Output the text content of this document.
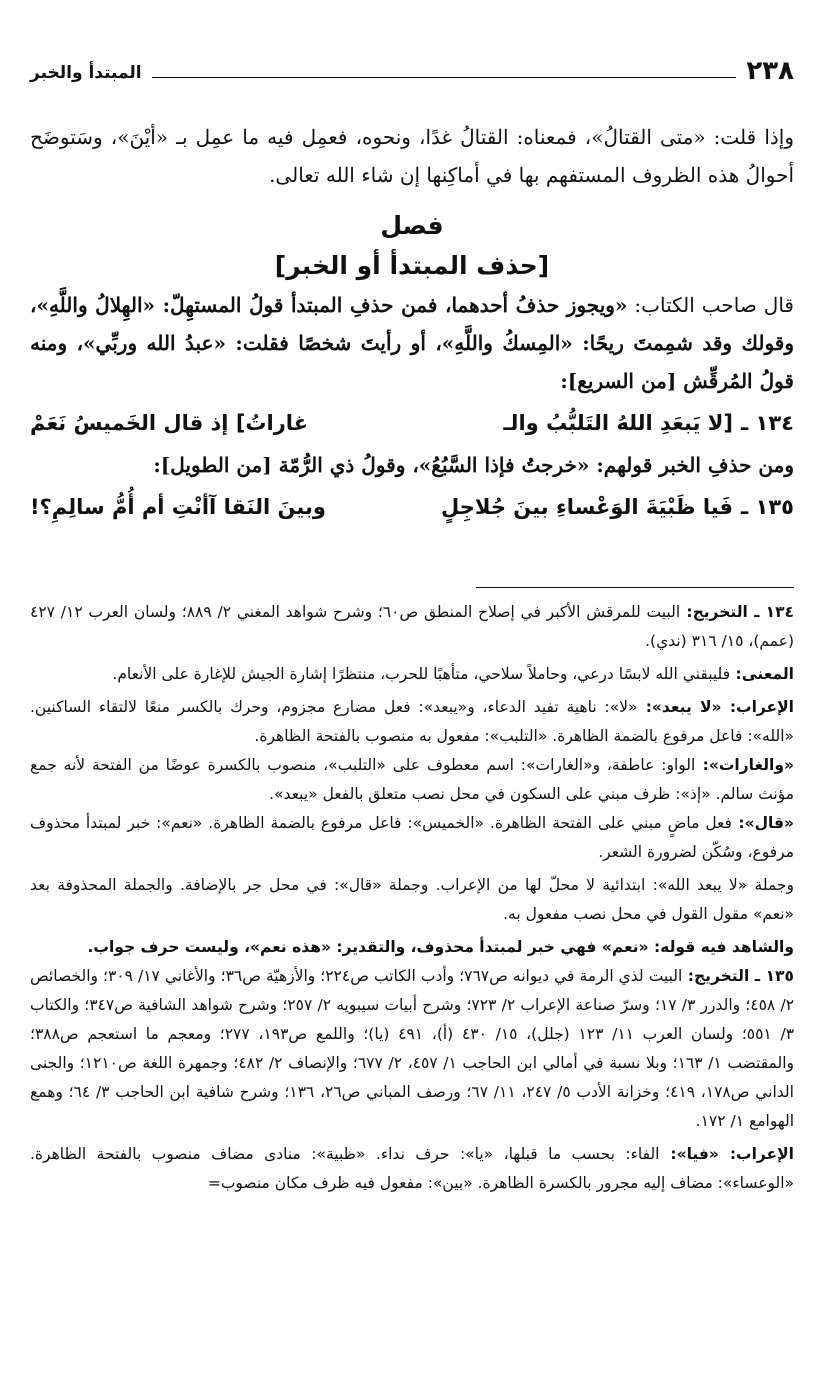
٢٣٨
المبتدأ والخبر

وإذا قلت: «متى القتالُ»، فمعناه: القتالُ غدًا، ونحوه، فعمِل فيه ما عمِل بـ «أيْنَ»، وسَتوضَح أحوالُ هذه الظروف المستفهم بها في أماكِنها إن شاء الله تعالى.

فصل
[حذف المبتدأ أو الخبر]

قال صاحب الكتاب: «ويجوز حذفُ أحدهما، فمن حذفِ المبتدأ قولُ المستهِلّ: «الهِلالُ واللَّهِ»، وقولك وقد شمِمتَ ريحًا: «المِسكُ واللَّهِ»، أو رأيتَ شخصًا فقلت: «عبدُ الله وربِّي»، ومنه قولُ المُرقِّش [من السريع]:

١٣٤ ـ
[لا يَبعَدِ اللهُ التَلبُّبُ والـ
غاراتُ] إذ قال الخَميسُ نَعَمْ

ومن حذفِ الخبر قولهم: «خرجتُ فإذا السَّبُعُ»، وقولُ ذي الرُّمّة [من الطويل]:

١٣٥ ـ
فَيا ظَبْيَةَ الوَعْساءِ بينَ جُلاجِلٍ
وبينَ النَقا آأنْتِ أم أُمُّ سالِمِ؟!

١٣٤ ـ التخريج: البيت للمرقش الأكبر في إصلاح المنطق ص٦٠؛ وشرح شواهد المغني ٢/ ٨٨٩؛ ولسان العرب ١٢/ ٤٢٧ (عمم)، ١٥/ ٣١٦ (ندي).

المعنى: فليبقني الله لابسًا درعي، وحاملاً سلاحي، متأهبًا للحرب، منتظرًا إشارة الجيش للإغارة على الأنعام.

الإعراب: «لا يبعد»: «لا»: ناهية تفيد الدعاء، و«يبعد»: فعل مضارع مجزوم، وحرك بالكسر منعًا لالتقاء الساكنين. «الله»: فاعل مرفوع بالضمة الظاهرة. «التلبب»: مفعول به منصوب بالفتحة الظاهرة.

«والغارات»: الواو: عاطفة، و«الغارات»: اسم معطوف على «التلبب»، منصوب بالكسرة عوضًا من الفتحة لأنه جمع مؤنث سالم. «إذ»: ظرف مبني على السكون في محل نصب متعلق بالفعل «يبعد».

«قال»: فعل ماضٍ مبني على الفتحة الظاهرة. «الخميس»: فاعل مرفوع بالضمة الظاهرة. «نعم»: خبر لمبتدأ محذوف مرفوع، وسُكّن لضرورة الشعر.

وجملة «لا يبعد الله»: ابتدائية لا محلّ لها من الإعراب. وجملة «قال»: في محل جر بالإضافة. والجملة المحذوفة بعد «نعم» مقول القول في محل نصب مفعول به.

والشاهد فيه قوله: «نعم» فهي خبر لمبتدأ محذوف، والتقدير: «هذه نعم»، وليست حرف جواب.

١٣٥ ـ التخريج: البيت لذي الرمة في ديوانه ص٧٦٧؛ وأدب الكاتب ص٢٢٤؛ والأزهيّة ص٣٦؛ والأغاني ١٧/ ٣٠٩؛ والخصائص ٢/ ٤٥٨؛ والدرر ٣/ ١٧؛ وسرّ صناعة الإعراب ٢/ ٧٢٣؛ وشرح أبيات سيبويه ٢/ ٢٥٧؛ وشرح شواهد الشافية ص٣٤٧؛ والكتاب ٣/ ٥٥١؛ ولسان العرب ١١/ ١٢٣ (جلل)، ١٥/ ٤٣٠ (أ)، ٤٩١ (يا)؛ واللمع ص١٩٣، ٢٧٧؛ ومعجم ما استعجم ص٣٨٨؛ والمقتضب ١/ ١٦٣؛ وبلا نسبة في أمالي ابن الحاجب ١/ ٤٥٧، ٢/ ٦٧٧؛ والإنصاف ٢/ ٤٨٢؛ وجمهرة اللغة ص١٢١٠؛ والجنى الداني ص١٧٨، ٤١٩؛ وخزانة الأدب ٥/ ٢٤٧، ١١/ ٦٧؛ ورصف المباني ص٢٦، ١٣٦؛ وشرح شافية ابن الحاجب ٣/ ٦٤؛ وهمع الهوامع ١/ ١٧٢.

الإعراب: «فيا»: الفاء: بحسب ما قبلها، «يا»: حرف نداء. «ظبية»: منادى مضاف منصوب بالفتحة الظاهرة. «الوعساء»: مضاف إليه مجرور بالكسرة الظاهرة. «بين»: مفعول فيه ظرف مكان منصوب=
